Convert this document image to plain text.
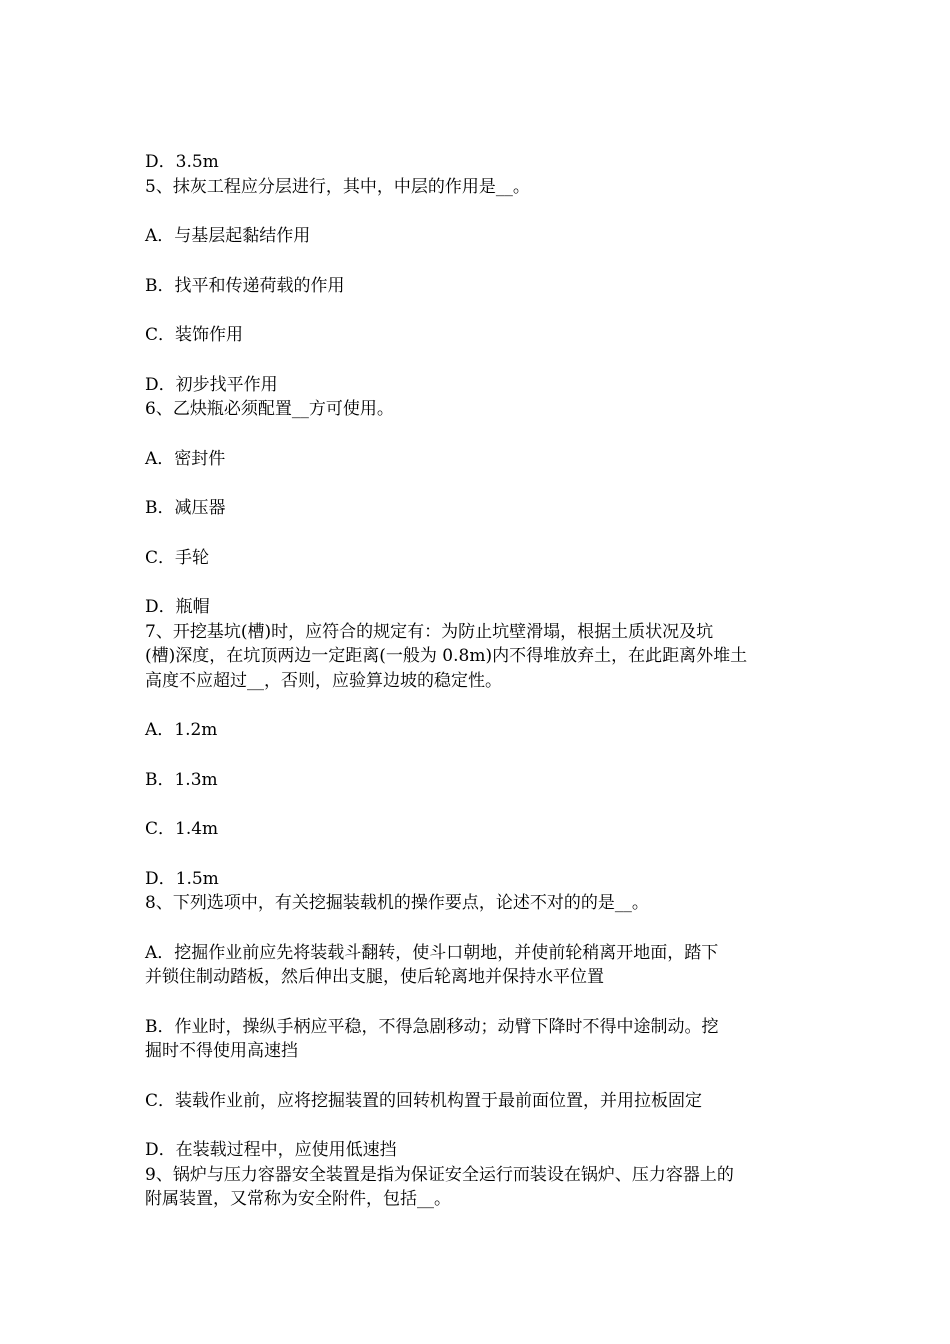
D．3.5m
5、抹灰工程应分层进行，其中，中层的作用是__。
A．与基层起黏结作用
B．找平和传递荷载的作用
C．装饰作用
D．初步找平作用
6、乙炔瓶必须配置__方可使用。
A．密封件
B．减压器
C．手轮
D．瓶帽
7、开挖基坑(槽)时，应符合的规定有：为防止坑壁滑塌，根据土质状况及坑
(槽)深度，在坑顶两边一定距离(一般为 0.8m)内不得堆放弃土，在此距离外堆土
高度不应超过__，否则，应验算边坡的稳定性。
A．1.2m
B．1.3m
C．1.4m
D．1.5m
8、下列选项中，有关挖掘装载机的操作要点，论述不对的的是__。
A．挖掘作业前应先将装载斗翻转，使斗口朝地，并使前轮稍离开地面，踏下
并锁住制动踏板，然后伸出支腿，使后轮离地并保持水平位置
B．作业时，操纵手柄应平稳，不得急剧移动；动臂下降时不得中途制动。挖
掘时不得使用高速挡
C．装载作业前，应将挖掘装置的回转机构置于最前面位置，并用拉板固定
D．在装载过程中，应使用低速挡
9、锅炉与压力容器安全装置是指为保证安全运行而装设在锅炉、压力容器上的
附属装置，又常称为安全附件，包括__。
